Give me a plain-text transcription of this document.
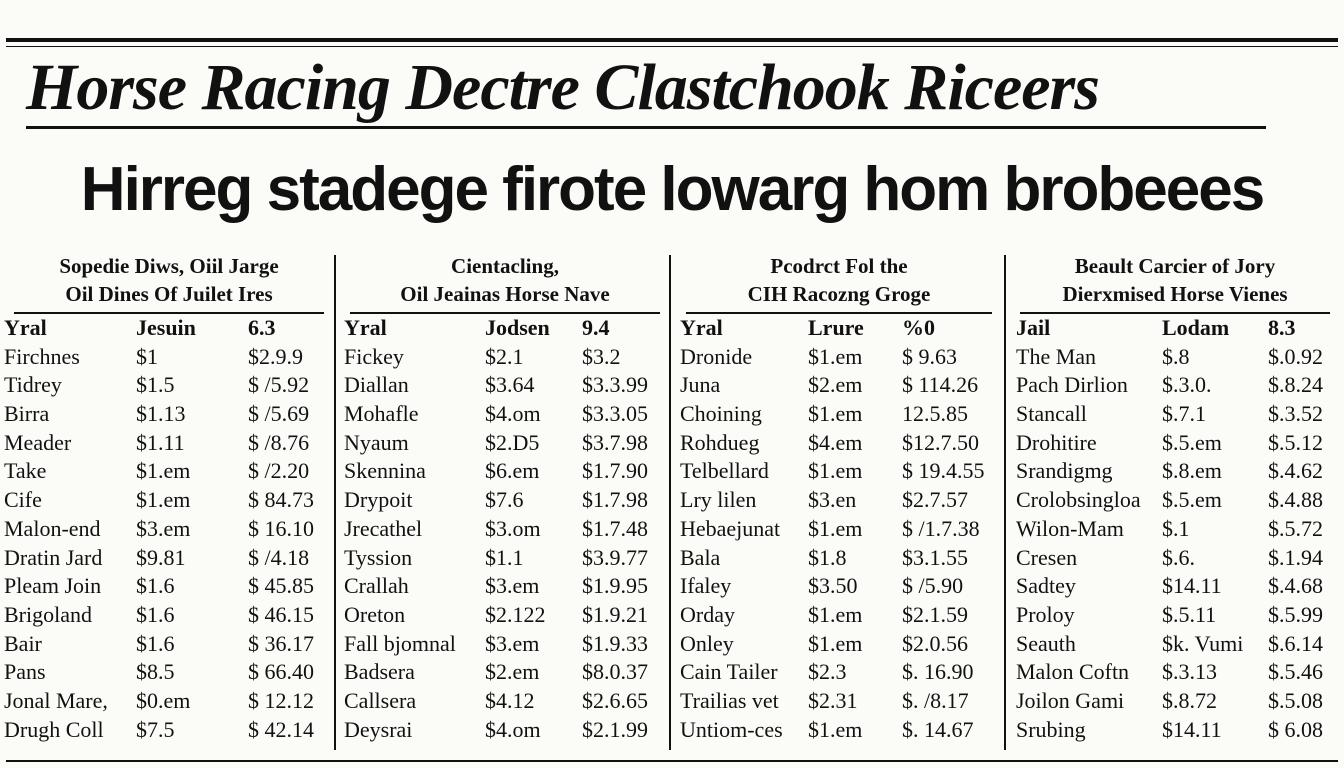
Horse Racing Dectre Clastchook Riceers
Hirreg stadege firote lowarg hom brobeees
Sopedie Diws, Oiil Jarge
Oil Dines Of Juilet Ires
Yral	Jesuin 6.3
Firchnes	$1	$2.9.9
Tidrey	$1.5	$ /5.92
Birra	$1.13	$ /5.69
Meader	$1.11	$ /8.76
Take	$1.em	$ /2.20
Cife	$1.em	$ 84.73
Malon-end $3.em	$ 16.10
Dratin Jard $9.81	$ /4.18
Pleam Join $1.6	$ 45.85
Brigoland $1.6	$ 46.15
Bair	$1.6	$ 36.17
Pans	$8.5	$ 66.40
Jonal Mare, $0.em	$ 12.12
Drugh Coll $7.5	$ 42.14
Cientacling,
Oil Jeainas Horse Nave
Yral	Jodsen 9.4
Fickey	$2.1	$3.2
Diallan	$3.64 $3.3.99
Mohafle	$4.om $3.3.05
Nyaum	$2.D5 $3.7.98
Skennina	$6.em $1.7.90
Drypoit	$7.6	$1.7.98
Jrecathel	$3.om $1.7.48
Tyssion	$1.1	$3.9.77
Crallah	$3.em $1.9.95
Oreton	$2.122 $1.9.21
Fall bjomnal $3.em $1.9.33
Badsera	$2.em $8.0.37
Callsera	$4.12 $2.6.65
Deysrai	$4.om $2.1.99
Pcodrct Fol the
CIH Racozng Groge
Yral	Lrure %0
Dronide	$1.em $ 9.63
Juna	$2.em $ 114.26
Choining $1.em 12.5.85
Rohdueg $4.em $12.7.50
Telbellard $1.em $ 19.4.55
Lry lilen $3.en $2.7.57
Hebaejunat $1.em $ /1.7.38
Bala	$1.8	$3.1.55
Ifaley	$3.50 $ /5.90
Orday	$1.em $2.1.59
Onley	$1.em $2.0.56
Cain Tailer $2.3	$. 16.90
Trailias vet $2.31 $. /8.17
Untiom-ces $1.em $. 14.67
Beault Carcier of Jory
Dierxmised Horse Vienes
Jail	Lodam 8.3
The Man	$.8	$.0.92
Pach Dirlion $.3.0.	$.8.24
Stancall	$.7.1	$.3.52
Drohitire	$.5.em $.5.12
Srandigmg $.8.em $.4.62
Crolobsingloa $.5.em $.4.88
Wilon-Mam $.1	$.5.72
Cresen	$.6.	$.1.94
Sadtey	$14.11 $.4.68
Proloy	$.5.11 $.5.99
Seauth	$k. Vumi $.6.14
Malon Coftn $.3.13 $.5.46
Joilon Gami $.8.72 $.5.08
Srubing	$14.11 $ 6.08
